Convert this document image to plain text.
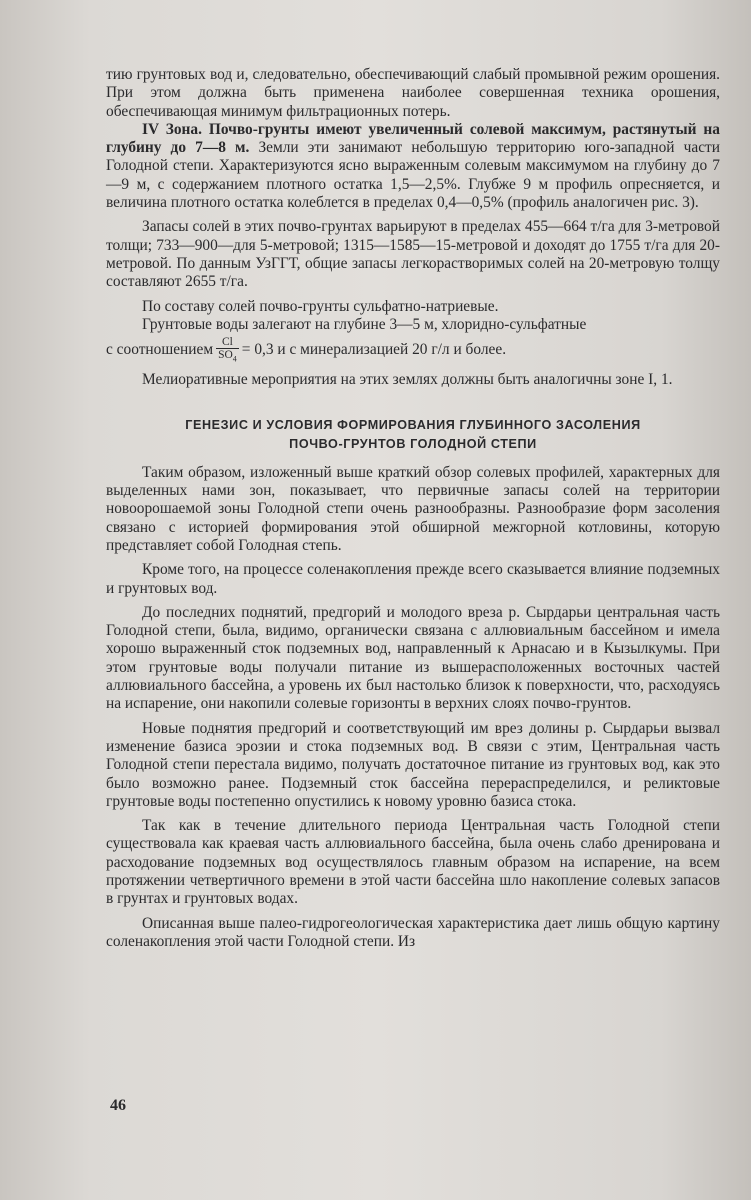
тию грунтовых вод и, следовательно, обеспечивающий слабый промывной режим орошения. При этом должна быть применена наиболее совершенная техника орошения, обеспечивающая минимум фильтрационных потерь.

IV Зона. Почво-грунты имеют увеличенный солевой максимум, растянутый на глубину до 7—8 м. Земли эти занимают небольшую территорию юго-западной части Голодной степи. Характеризуются ясно выраженным солевым максимумом на глубину до 7—9 м, с содержанием плотного остатка 1,5—2,5%. Глубже 9 м профиль опресняется, и величина плотного остатка колеблется в пределах 0,4—0,5% (профиль аналогичен рис. 3).

Запасы солей в этих почво-грунтах варьируют в пределах 455—664 т/га для 3-метровой толщи; 733—900—для 5-метровой; 1315—1585—15-метровой и доходят до 1755 т/га для 20-метровой. По данным УзГГТ, общие запасы легкорастворимых солей на 20-метровую толщу составляют 2655 т/га.

По составу солей почво-грунты сульфатно-натриевые.

Грунтовые воды залегают на глубине 3—5 м, хлоридно-сульфатные

с соотношением $\frac{Cl}{SO_4} = 0,3$ и с минерализацией 20 г/л и более.

Мелиоративные мероприятия на этих землях должны быть аналогичны зоне I, 1.

ГЕНЕЗИС И УСЛОВИЯ ФОРМИРОВАНИЯ ГЛУБИННОГО ЗАСОЛЕНИЯ
ПОЧВО-ГРУНТОВ ГОЛОДНОЙ СТЕПИ

Таким образом, изложенный выше краткий обзор солевых профилей, характерных для выделенных нами зон, показывает, что первичные запасы солей на территории новоорошаемой зоны Голодной степи очень разнообразны. Разнообразие форм засоления связано с историей формирования этой обширной межгорной котловины, которую представляет собой Голодная степь.

Кроме того, на процессе соленакопления прежде всего сказывается влияние подземных и грунтовых вод.

До последних поднятий, предгорий и молодого вреза р. Сырдарьи центральная часть Голодной степи, была, видимо, органически связана с аллювиальным бассейном и имела хорошо выраженный сток подземных вод, направленный к Арнасаю и в Кызылкумы. При этом грунтовые воды получали питание из вышерасположенных восточных частей аллювиального бассейна, а уровень их был настолько близок к поверхности, что, расходуясь на испарение, они накопили солевые горизонты в верхних слоях почво-грунтов.

Новые поднятия предгорий и соответствующий им врез долины р. Сырдарьи вызвал изменение базиса эрозии и стока подземных вод. В связи с этим, Центральная часть Голодной степи перестала видимо, получать достаточное питание из грунтовых вод, как это было возможно ранее. Подземный сток бассейна перераспределился, и реликтовые грунтовые воды постепенно опустились к новому уровню базиса стока.

Так как в течение длительного периода Центральная часть Голодной степи существовала как краевая часть аллювиального бассейна, была очень слабо дренирована и расходование подземных вод осуществлялось главным образом на испарение, на всем протяжении четвертичного времени в этой части бассейна шло накопление солевых запасов в грунтах и грунтовых водах.

Описанная выше палео-гидрогеологическая характеристика дает лишь общую картину соленакопления этой части Голодной степи. Из

46
